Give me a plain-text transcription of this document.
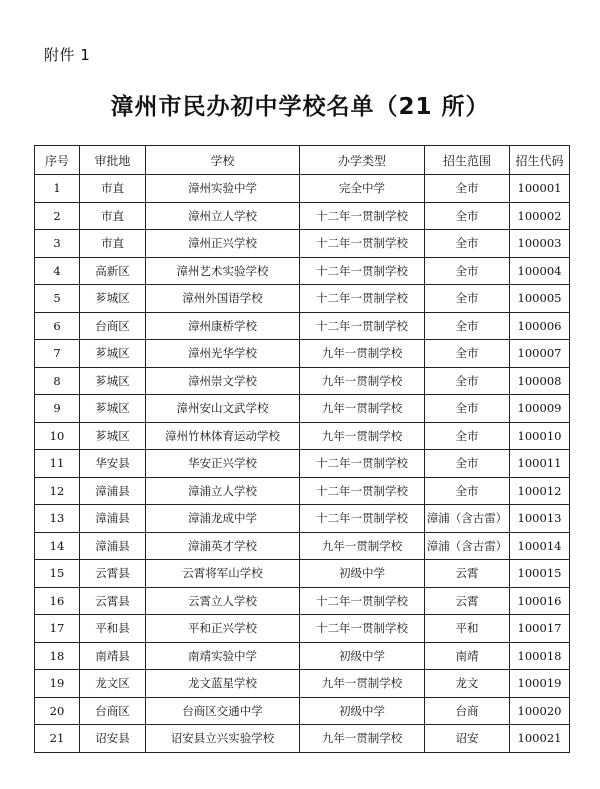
附件 1
漳州市民办初中学校名单（21 所）
序号	审批地	学校	办学类型	招生范围	招生代码
1	市直	漳州实验中学	完全中学	全市	100001
2	市直	漳州立人学校	十二年一贯制学校	全市	100002
3	市直	漳州正兴学校	十二年一贯制学校	全市	100003
4	高新区	漳州艺术实验学校	十二年一贯制学校	全市	100004
5	芗城区	漳州外国语学校	十二年一贯制学校	全市	100005
6	台商区	漳州康桥学校	十二年一贯制学校	全市	100006
7	芗城区	漳州光华学校	九年一贯制学校	全市	100007
8	芗城区	漳州崇文学校	九年一贯制学校	全市	100008
9	芗城区	漳州安山文武学校	九年一贯制学校	全市	100009
10	芗城区	漳州竹林体育运动学校	九年一贯制学校	全市	100010
11	华安县	华安正兴学校	十二年一贯制学校	全市	100011
12	漳浦县	漳浦立人学校	十二年一贯制学校	全市	100012
13	漳浦县	漳浦龙成中学	十二年一贯制学校	漳浦（含古雷）	100013
14	漳浦县	漳浦英才学校	九年一贯制学校	漳浦（含古雷）	100014
15	云霄县	云霄将军山学校	初级中学	云霄	100015
16	云霄县	云霄立人学校	十二年一贯制学校	云霄	100016
17	平和县	平和正兴学校	十二年一贯制学校	平和	100017
18	南靖县	南靖实验中学	初级中学	南靖	100018
19	龙文区	龙文蓝星学校	九年一贯制学校	龙文	100019
20	台商区	台商区交通中学	初级中学	台商	100020
21	诏安县	诏安县立兴实验学校	九年一贯制学校	诏安	100021
